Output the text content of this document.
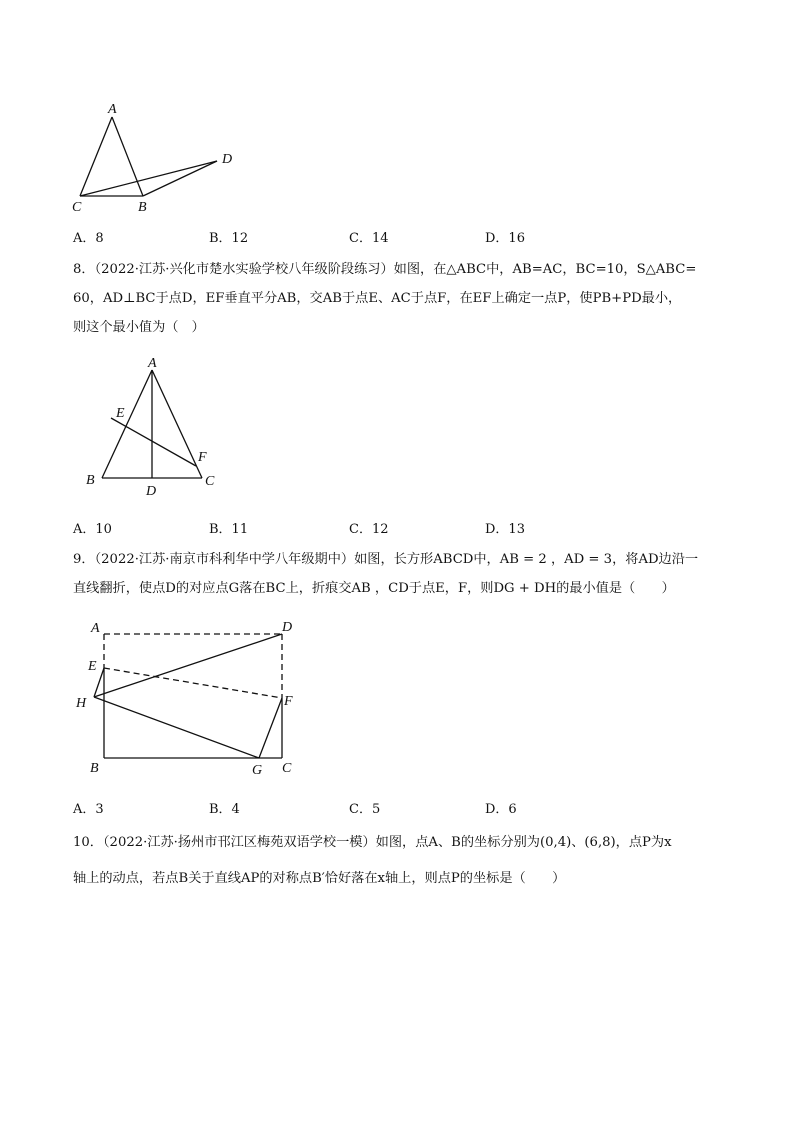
A
C	B
D
A．8	B．12	C．14	D．16
8．（2022·江苏·兴化市楚水实验学校八年级阶段练习）如图，在△ABC中，AB=AC，BC=10，S△ABC=
60，AD⊥BC于点D，EF垂直平分AB，交AB于点E、AC于点F，在EF上确定一点P，使PB+PD最小，
则这个最小值为（　）
A
E
F
B
D
C
A．10	B．11	C．12	D．13
9．（2022·江苏·南京市科利华中学八年级期中）如图，长方形ABCD中，AB = 2 ，AD = 3，将AD边沿一
直线翻折，使点D的对应点G落在BC上，折痕交AB ，CD于点E，F，则DG + DH的最小值是（　　）
A	D
E
H	F
B	G C
A．3	B．4	C．5	D．6
10．（2022·江苏·扬州市邗江区梅苑双语学校一模）如图，点A、B的坐标分别为(0,4)、(6,8)，点P为x
轴上的动点，若点B关于直线AP的对称点B′恰好落在x轴上，则点P的坐标是（　　）
